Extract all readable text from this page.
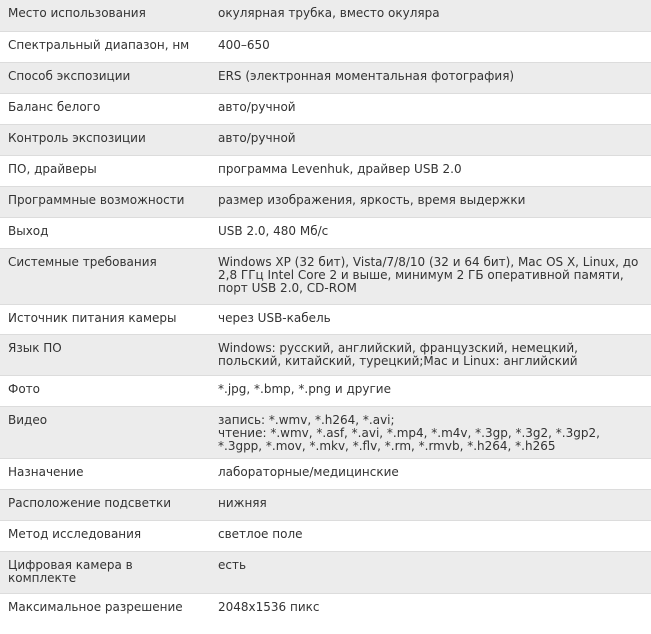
Место использования	окулярная трубка, вместо окуляра
Спектральный диапазон, нм	400–650
Способ экспозиции	ERS (электронная моментальная фотография)
Баланс белого	авто/ручной
Контроль экспозиции	авто/ручной
ПО, драйверы	программа Levenhuk, драйвер USB 2.0
Программные возможности	размер изображения, яркость, время выдержки
Выход	USB 2.0, 480 Мб/с
Системные требования	Windows XP (32 бит), Vista/7/8/10 (32 и 64 бит), Mac OS X, Linux, до 2,8 ГГц Intel Core 2 и выше, минимум 2 ГБ оперативной памяти, порт USB 2.0, CD-ROM
Источник питания камеры	через USB-кабель
Язык ПО	Windows: русский, английский, французский, немецкий, польский, китайский, турецкий;Mac и Linux: английский
Фото	*.jpg, *.bmp, *.png и другие
Видео	запись: *.wmv, *.h264, *.avi;
чтение: *.wmv, *.asf, *.avi, *.mp4, *.m4v, *.3gp, *.3g2, *.3gp2, *.3gpp, *.mov, *.mkv, *.flv, *.rm, *.rmvb, *.h264, *.h265
Назначение	лабораторные/медицинские
Расположение подсветки	нижняя
Метод исследования	светлое поле
Цифровая камера в комплекте	есть
Максимальное разрешение	2048x1536 пикс
